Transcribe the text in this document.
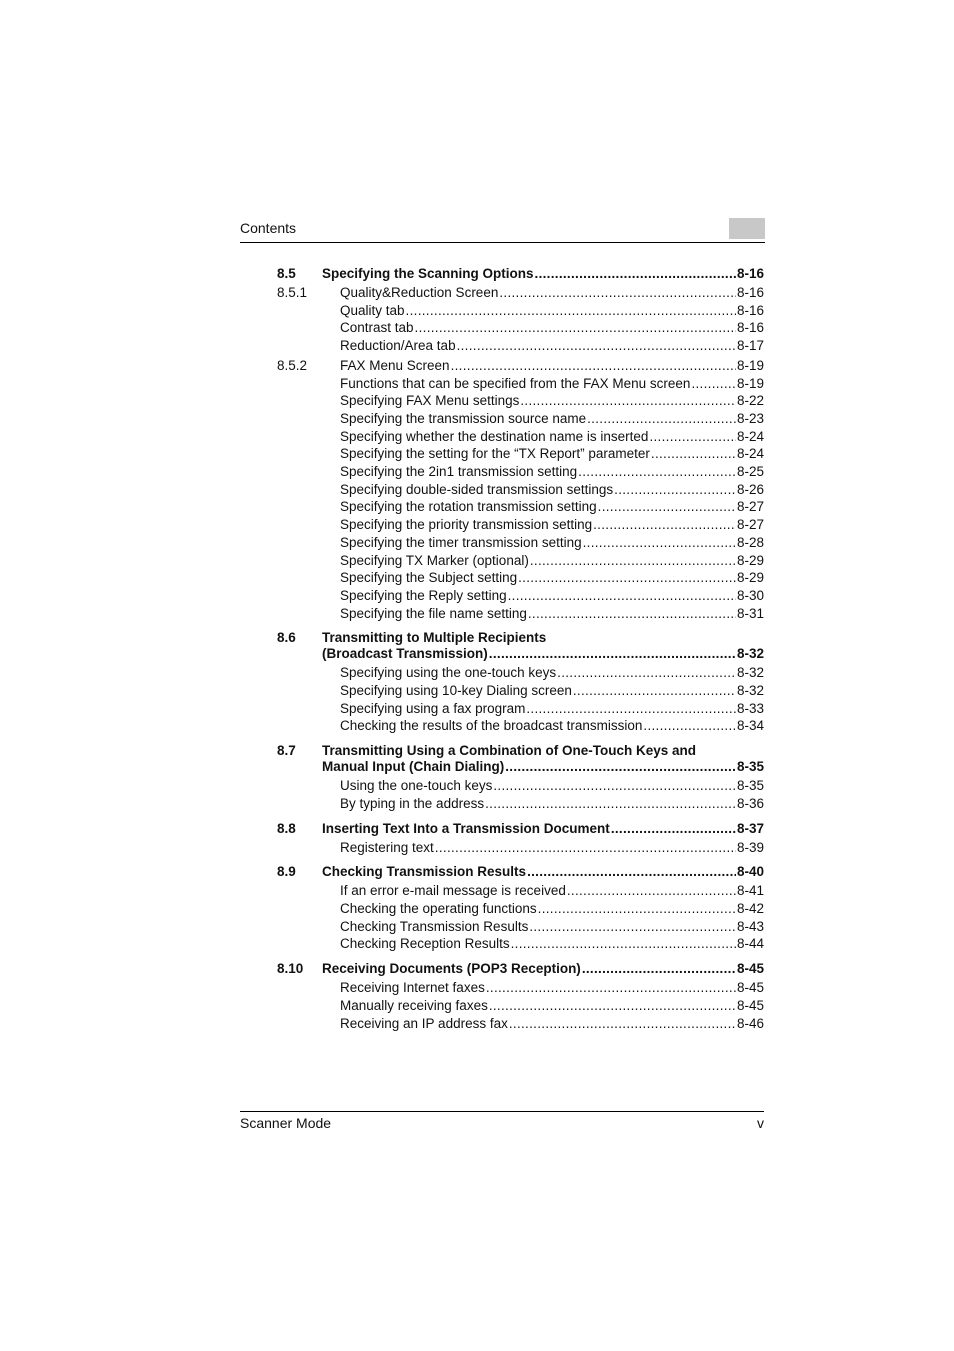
Contents
8.5 Specifying the Scanning Options .....	8-16
8.5.1 Quality&Reduction Screen .....	8-16
Quality tab .....	8-16
Contrast tab .....	8-16
Reduction/Area tab .....	8-17
8.5.2 FAX Menu Screen .....	8-19
Functions that can be specified from the FAX Menu screen .....	8-19
Specifying FAX Menu settings .....	8-22
Specifying the transmission source name .....	8-23
Specifying whether the destination name is inserted .....	8-24
Specifying the setting for the “TX Report” parameter .....	8-24
Specifying the 2in1 transmission setting .....	8-25
Specifying double-sided transmission settings .....	8-26
Specifying the rotation transmission setting .....	8-27
Specifying the priority transmission setting .....	8-27
Specifying the timer transmission setting .....	8-28
Specifying TX Marker (optional) .....	8-29
Specifying the Subject setting .....	8-29
Specifying the Reply setting .....	8-30
Specifying the file name setting .....	8-31
8.6 Transmitting to Multiple Recipients
(Broadcast Transmission) .....	8-32
Specifying using the one-touch keys .....	8-32
Specifying using 10-key Dialing screen .....	8-32
Specifying using a fax program .....	8-33
Checking the results of the broadcast transmission .....	8-34
8.7 Transmitting Using a Combination of One-Touch Keys and
Manual Input (Chain Dialing) .....	8-35
Using the one-touch keys .....	8-35
By typing in the address .....	8-36
8.8 Inserting Text Into a Transmission Document .....	8-37
Registering text .....	8-39
8.9 Checking Transmission Results .....	8-40
If an error e-mail message is received .....	8-41
Checking the operating functions .....	8-42
Checking Transmission Results .....	8-43
Checking Reception Results .....	8-44
8.10 Receiving Documents (POP3 Reception) .....	8-45
Receiving Internet faxes .....	8-45
Manually receiving faxes .....	8-45
Receiving an IP address fax .....	8-46
Scanner Mode	v
